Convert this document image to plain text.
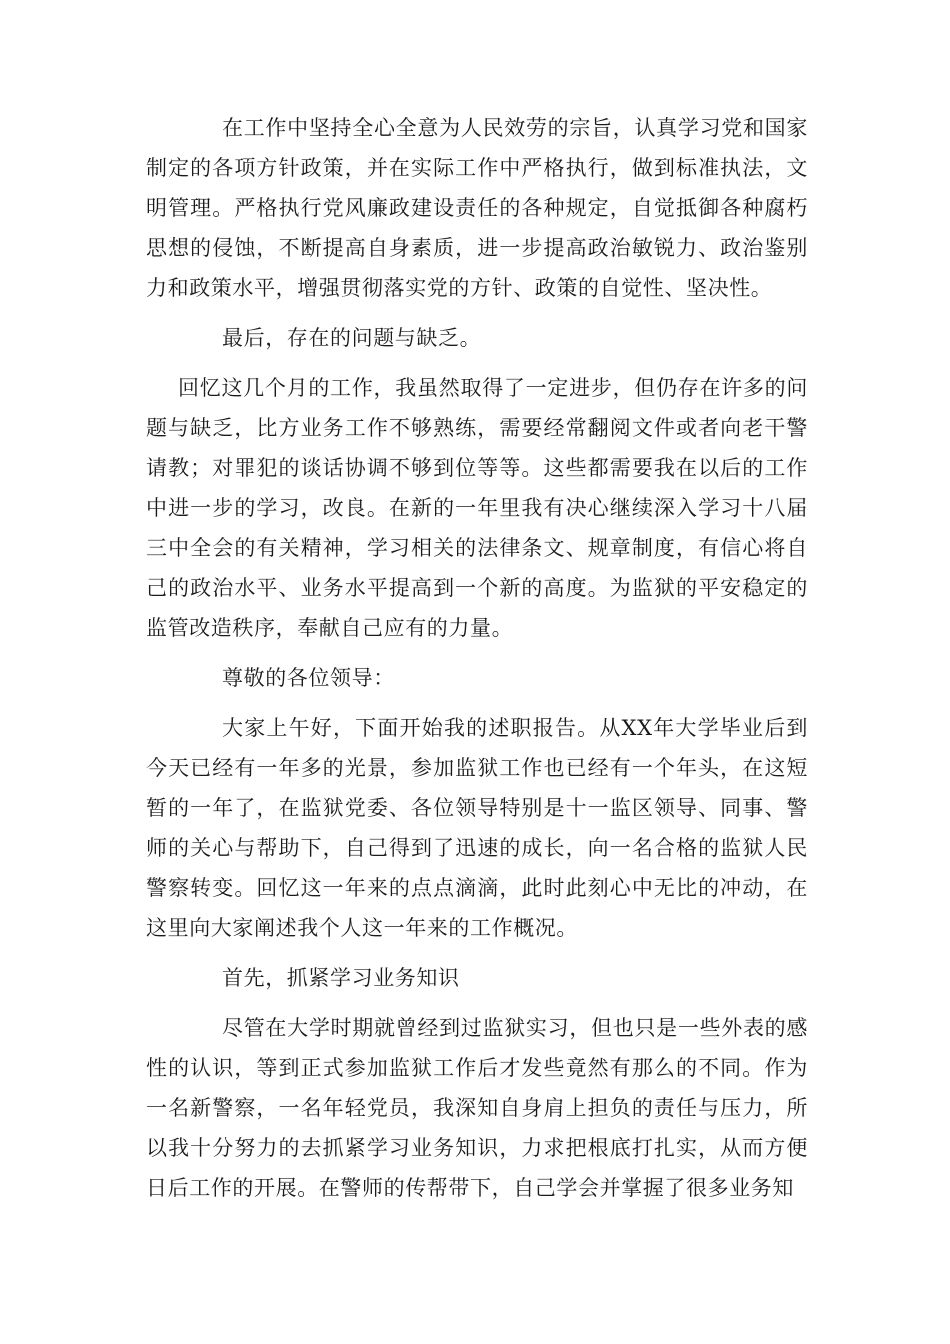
在工作中坚持全心全意为人民效劳的宗旨，认真学习党和国家制定的各项方针政策，并在实际工作中严格执行，做到标准执法，文明管理。严格执行党风廉政建设责任的各种规定，自觉抵御各种腐朽思想的侵蚀，不断提高自身素质，进一步提高政治敏锐力、政治鉴别力和政策水平，增强贯彻落实党的方针、政策的自觉性、坚决性。

最后，存在的问题与缺乏。

回忆这几个月的工作，我虽然取得了一定进步，但仍存在许多的问题与缺乏，比方业务工作不够熟练，需要经常翻阅文件或者向老干警请教；对罪犯的谈话协调不够到位等等。这些都需要我在以后的工作中进一步的学习，改良。在新的一年里我有决心继续深入学习十八届三中全会的有关精神，学习相关的法律条文、规章制度，有信心将自己的政治水平、业务水平提高到一个新的高度。为监狱的平安稳定的监管改造秩序，奉献自己应有的力量。

尊敬的各位领导：

大家上午好，下面开始我的述职报告。从XX年大学毕业后到今天已经有一年多的光景，参加监狱工作也已经有一个年头，在这短暂的一年了，在监狱党委、各位领导特别是十一监区领导、同事、警师的关心与帮助下，自己得到了迅速的成长，向一名合格的监狱人民警察转变。回忆这一年来的点点滴滴，此时此刻心中无比的冲动，在这里向大家阐述我个人这一年来的工作概况。

首先，抓紧学习业务知识

尽管在大学时期就曾经到过监狱实习，但也只是一些外表的感性的认识，等到正式参加监狱工作后才发些竟然有那么的不同。作为一名新警察，一名年轻党员，我深知自身肩上担负的责任与压力，所以我十分努力的去抓紧学习业务知识，力求把根底打扎实，从而方便日后工作的开展。在警师的传帮带下，自己学会并掌握了很多业务知
